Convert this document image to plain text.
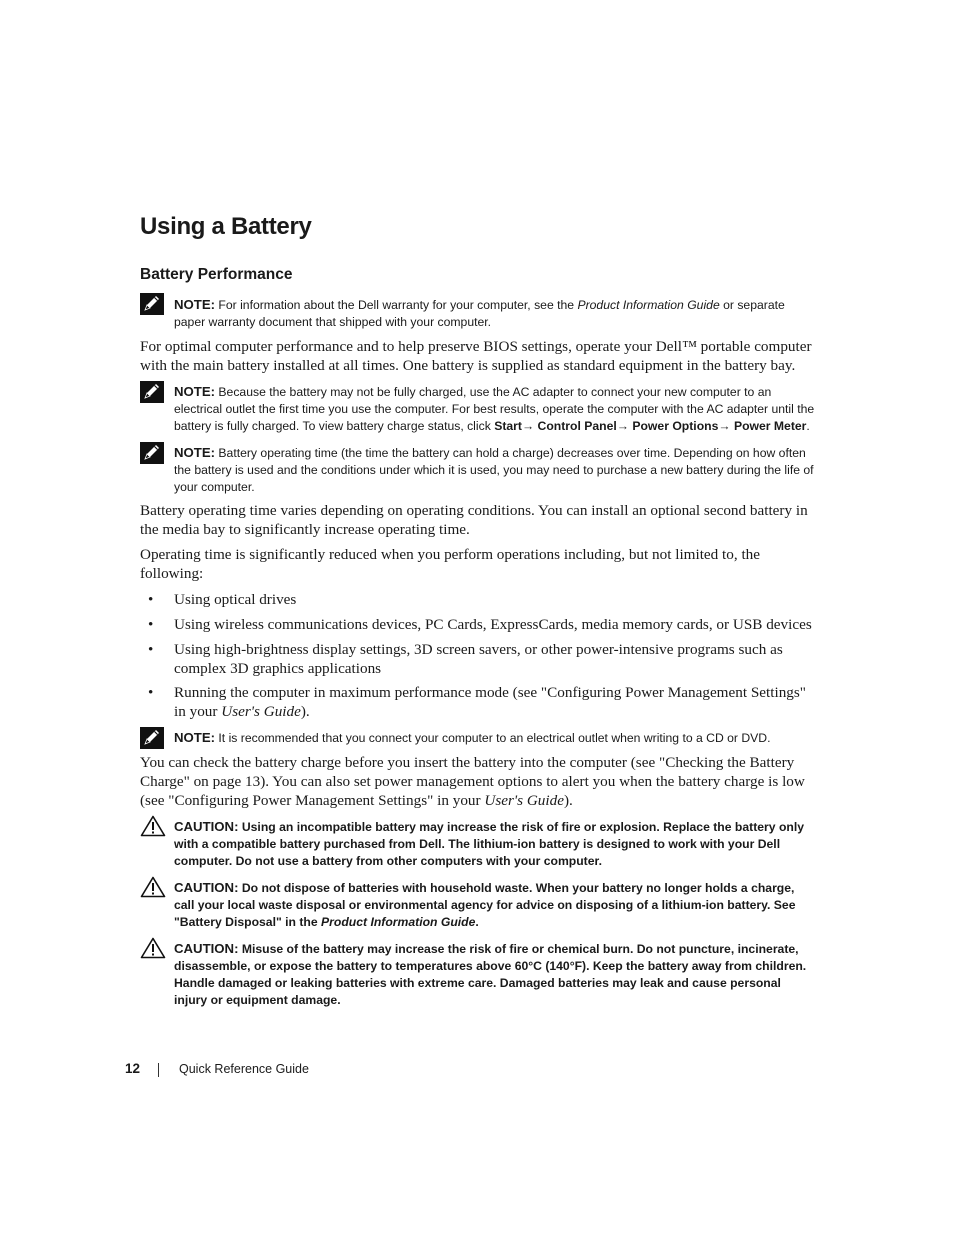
Using a Battery
Battery Performance

NOTE: For information about the Dell warranty for your computer, see the Product Information Guide or separate paper warranty document that shipped with your computer.

For optimal computer performance and to help preserve BIOS settings, operate your Dell™ portable computer with the main battery installed at all times. One battery is supplied as standard equipment in the battery bay.

NOTE: Because the battery may not be fully charged, use the AC adapter to connect your new computer to an electrical outlet the first time you use the computer. For best results, operate the computer with the AC adapter until the battery is fully charged. To view battery charge status, click Start→ Control Panel→ Power Options→ Power Meter.

NOTE: Battery operating time (the time the battery can hold a charge) decreases over time. Depending on how often the battery is used and the conditions under which it is used, you may need to purchase a new battery during the life of your computer.

Battery operating time varies depending on operating conditions. You can install an optional second battery in the media bay to significantly increase operating time.

Operating time is significantly reduced when you perform operations including, but not limited to, the following:

• Using optical drives
• Using wireless communications devices, PC Cards, ExpressCards, media memory cards, or USB devices
• Using high-brightness display settings, 3D screen savers, or other power-intensive programs such as complex 3D graphics applications
• Running the computer in maximum performance mode (see "Configuring Power Management Settings" in your User's Guide).

NOTE: It is recommended that you connect your computer to an electrical outlet when writing to a CD or DVD.

You can check the battery charge before you insert the battery into the computer (see "Checking the Battery Charge" on page 13). You can also set power management options to alert you when the battery charge is low (see "Configuring Power Management Settings" in your User's Guide).

CAUTION: Using an incompatible battery may increase the risk of fire or explosion. Replace the battery only with a compatible battery purchased from Dell. The lithium-ion battery is designed to work with your Dell computer. Do not use a battery from other computers with your computer.

CAUTION: Do not dispose of batteries with household waste. When your battery no longer holds a charge, call your local waste disposal or environmental agency for advice on disposing of a lithium-ion battery. See "Battery Disposal" in the Product Information Guide.

CAUTION: Misuse of the battery may increase the risk of fire or chemical burn. Do not puncture, incinerate, disassemble, or expose the battery to temperatures above 60°C (140°F). Keep the battery away from children. Handle damaged or leaking batteries with extreme care. Damaged batteries may leak and cause personal injury or equipment damage.

12	Quick Reference Guide
